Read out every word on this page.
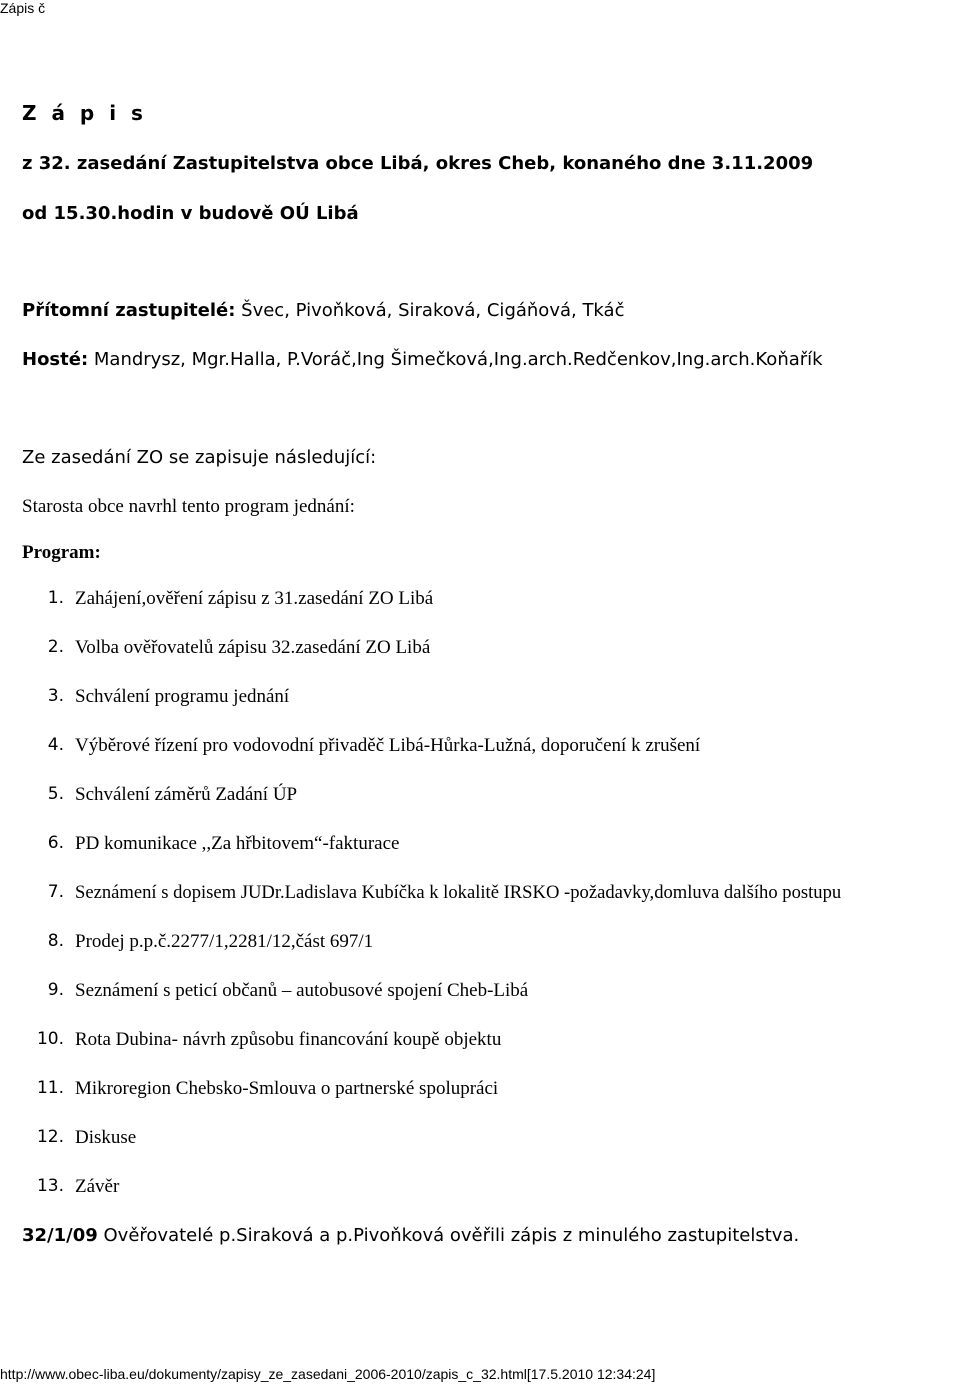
Zápis č
Z á p i s
z 32. zasedání Zastupitelstva obce Libá, okres Cheb, konaného dne 3.11.2009
od 15.30.hodin v budově OÚ Libá
Přítomní zastupitelé: Švec, Pivoňková, Siraková, Cigáňová, Tkáč
Hosté: Mandrysz, Mgr.Halla, P.Voráč,Ing Šimečková,Ing.arch.Redčenkov,Ing.arch.Koňařík
Ze zasedání ZO se zapisuje následující:
Starosta obce navrhl tento program jednání:
Program:
1. Zahájení,ověření zápisu z 31.zasedání ZO Libá
2. Volba ověřovatelů zápisu 32.zasedání ZO Libá
3. Schválení programu jednání
4. Výběrové řízení pro vodovodní přivaděč Libá-Hůrka-Lužná, doporučení k zrušení
5. Schválení záměrů Zadání ÚP
6. PD komunikace ,,Za hřbitovem“-fakturace
7. Seznámení s dopisem JUDr.Ladislava Kubíčka k lokalitě IRSKO -požadavky,domluva dalšího postupu
8. Prodej p.p.č.2277/1,2281/12,část 697/1
9. Seznámení s peticí občanů – autobusové spojení Cheb-Libá
10. Rota Dubina- návrh způsobu financování koupě objektu
11. Mikroregion Chebsko-Smlouva o partnerské spolupráci
12. Diskuse
13. Závěr
32/1/09 Ověřovatelé p.Siraková a p.Pivoňková ověřili zápis z minulého zastupitelstva.
http://www.obec-liba.eu/dokumenty/zapisy_ze_zasedani_2006-2010/zapis_c_32.html[17.5.2010 12:34:24]
